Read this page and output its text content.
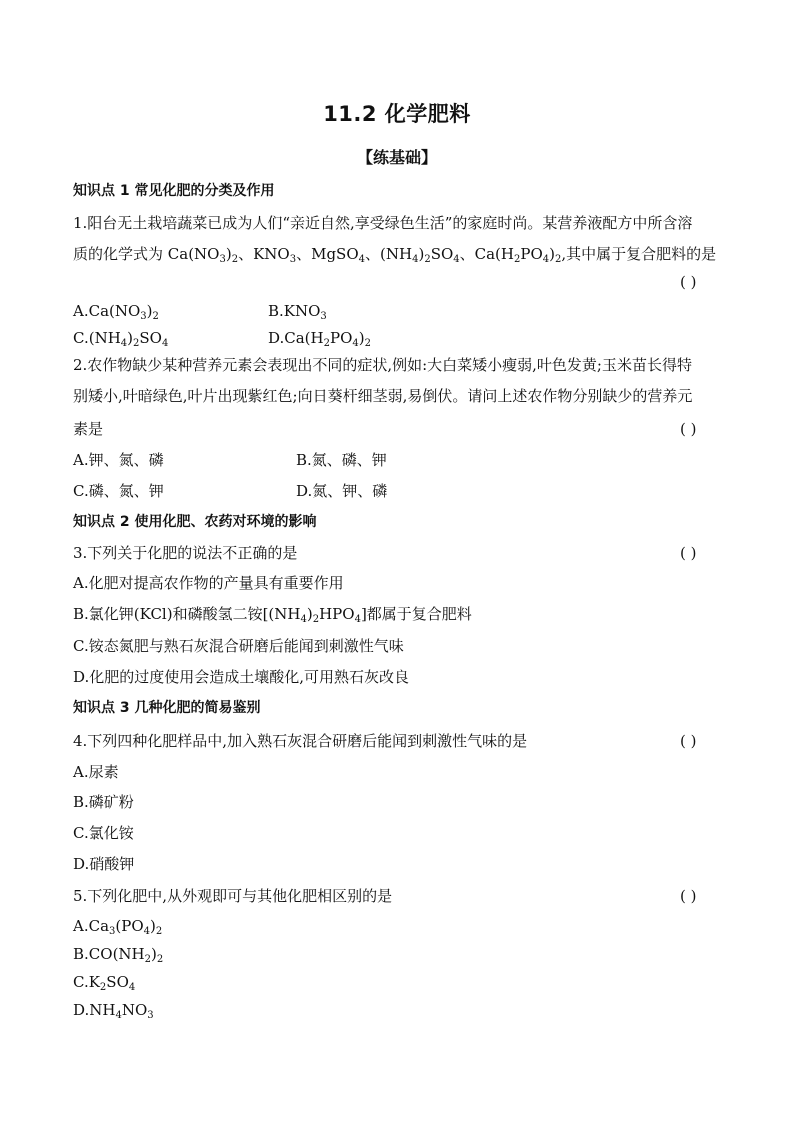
11.2 化学肥料
【练基础】
知识点 1 常见化肥的分类及作用
1.阳台无土栽培蔬菜已成为人们“亲近自然,享受绿色生活”的家庭时尚。某营养液配方中所含溶
质的化学式为 $Ca(NO_3)_2$、$KNO_3$、MgSO$_4$、$(NH_4)_2SO_4$、$Ca(H_2PO_4)_2$,其中属于复合肥料的是
( )
$A.Ca(NO_3)_2$	$B.KNO_3$
$C.(NH_4)_2SO_4$	$D.Ca(H_2PO_4)_2$
2.农作物缺少某种营养元素会表现出不同的症状,例如:大白菜矮小瘦弱,叶色发黄;玉米苗长得特
别矮小,叶暗绿色,叶片出现紫红色;向日葵杆细茎弱,易倒伏。请问上述农作物分别缺少的营养元
素是	( )
A.钾、氮、磷	B.氮、磷、钾
C.磷、氮、钾	D.氮、钾、磷
知识点 2 使用化肥、农药对环境的影响
3.下列关于化肥的说法不正确的是	( )
A.化肥对提高农作物的产量具有重要作用
B.氯化钾(KCl)和磷酸氢二铵$[(NH_4)_2HPO_4]$都属于复合肥料
C.铵态氮肥与熟石灰混合研磨后能闻到刺激性气味
D.化肥的过度使用会造成土壤酸化,可用熟石灰改良
知识点 3 几种化肥的简易鉴别
4.下列四种化肥样品中,加入熟石灰混合研磨后能闻到刺激性气味的是	( )
A.尿素
B.磷矿粉
C.氯化铵
D.硝酸钾
5.下列化肥中,从外观即可与其他化肥相区别的是	( )
$A.Ca_3(PO_4)_2$
$B.CO(NH_2)_2$
$C.K_2SO_4$
$D.NH_4NO_3$
